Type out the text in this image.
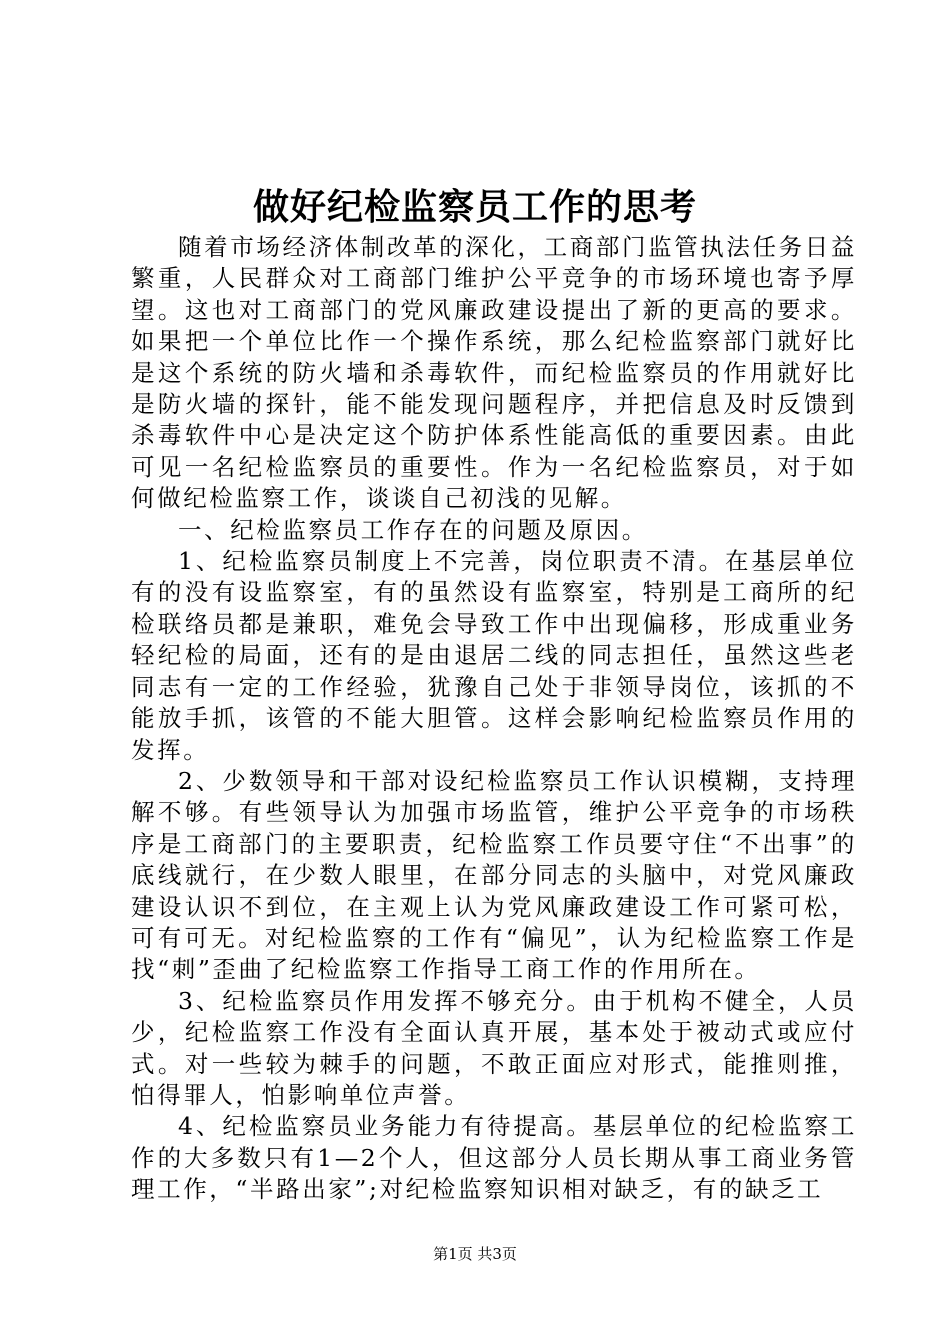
做好纪检监察员工作的思考

随着市场经济体制改革的深化，工商部门监管执法任务日益繁重，人民群众对工商部门维护公平竞争的市场环境也寄予厚望。这也对工商部门的党风廉政建设提出了新的更高的要求。如果把一个单位比作一个操作系统，那么纪检监察部门就好比是这个系统的防火墙和杀毒软件，而纪检监察员的作用就好比是防火墙的探针，能不能发现问题程序，并把信息及时反馈到杀毒软件中心是决定这个防护体系性能高低的重要因素。由此可见一名纪检监察员的重要性。作为一名纪检监察员，对于如何做纪检监察工作，谈谈自己初浅的见解。

一、纪检监察员工作存在的问题及原因。

1、纪检监察员制度上不完善，岗位职责不清。在基层单位有的没有设监察室，有的虽然设有监察室，特别是工商所的纪检联络员都是兼职，难免会导致工作中出现偏移，形成重业务轻纪检的局面，还有的是由退居二线的同志担任，虽然这些老同志有一定的工作经验，犹豫自己处于非领导岗位，该抓的不能放手抓，该管的不能大胆管。这样会影响纪检监察员作用的发挥。

2、少数领导和干部对设纪检监察员工作认识模糊，支持理解不够。有些领导认为加强市场监管，维护公平竞争的市场秩序是工商部门的主要职责，纪检监察工作员要守住“不出事”的底线就行，在少数人眼里，在部分同志的头脑中，对党风廉政建设认识不到位，在主观上认为党风廉政建设工作可紧可松，可有可无。对纪检监察的工作有“偏见”，认为纪检监察工作是找“刺”歪曲了纪检监察工作指导工商工作的作用所在。

3、纪检监察员作用发挥不够充分。由于机构不健全，人员少，纪检监察工作没有全面认真开展，基本处于被动式或应付式。对一些较为棘手的问题，不敢正面应对形式，能推则推，怕得罪人，怕影响单位声誉。

4、纪检监察员业务能力有待提高。基层单位的纪检监察工作的大多数只有1—2个人，但这部分人员长期从事工商业务管理工作，“半路出家”;对纪检监察知识相对缺乏，有的缺乏工

第1页 共3页
